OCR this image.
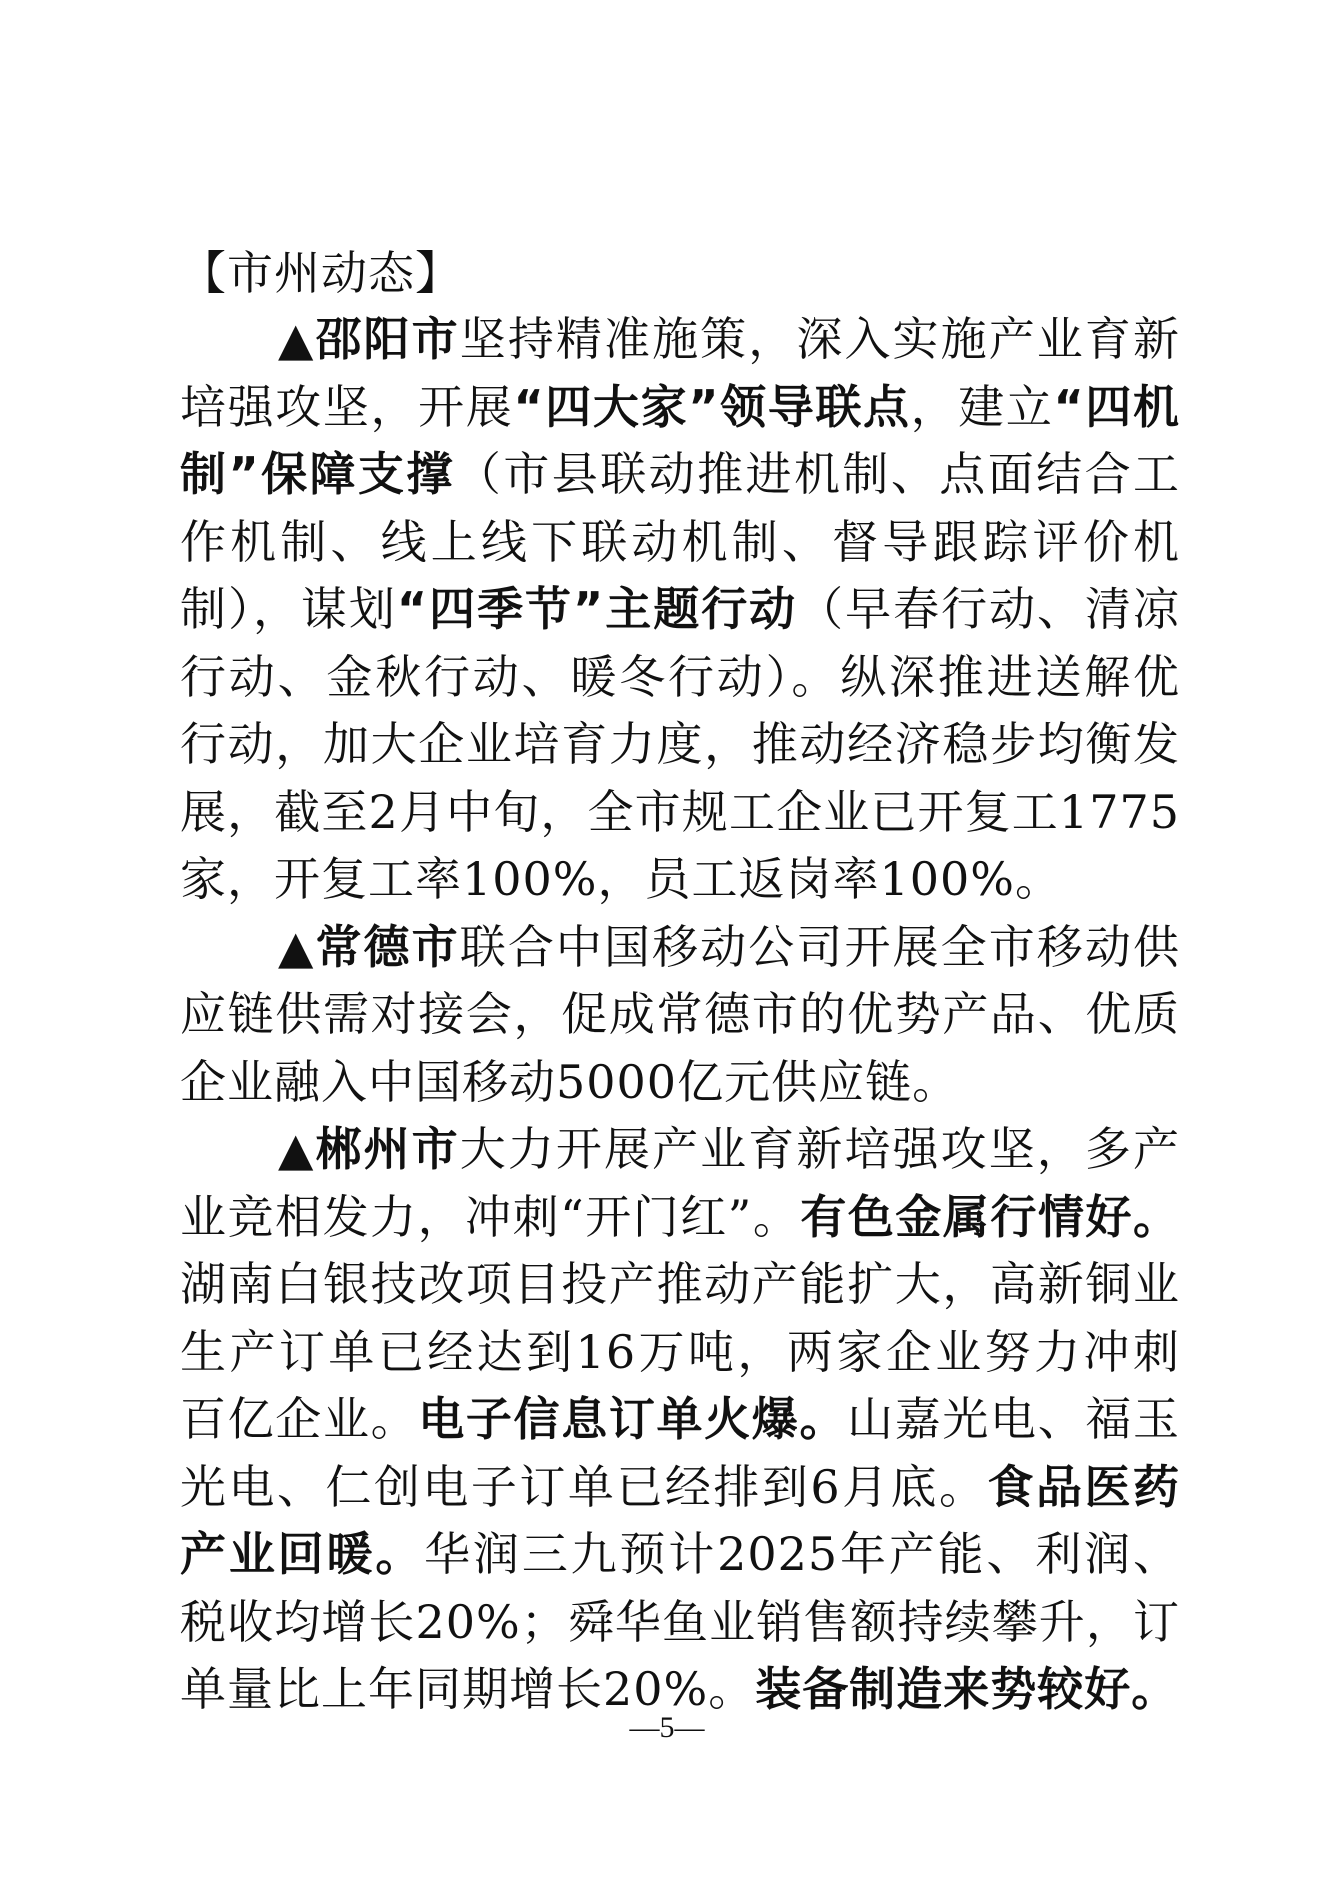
【市州动态】

▲邵阳市坚持精准施策，深入实施产业育新培强攻坚，开展“四大家”领导联点，建立“四机制”保障支撑（市县联动推进机制、点面结合工作机制、线上线下联动机制、督导跟踪评价机制），谋划“四季节”主题行动（早春行动、清凉行动、金秋行动、暖冬行动）。纵深推进送解优行动，加大企业培育力度，推动经济稳步均衡发展，截至2月中旬，全市规工企业已开复工1775家，开复工率100%，员工返岗率100%。

▲常德市联合中国移动公司开展全市移动供应链供需对接会，促成常德市的优势产品、优质企业融入中国移动5000亿元供应链。

▲郴州市大力开展产业育新培强攻坚，多产业竞相发力，冲刺“开门红”。有色金属行情好。湖南白银技改项目投产推动产能扩大，高新铜业生产订单已经达到16万吨，两家企业努力冲刺百亿企业。电子信息订单火爆。山嘉光电、福玉光电、仁创电子订单已经排到6月底。食品医药产业回暖。华润三九预计2025年产能、利润、税收均增长20%；舜华鱼业销售额持续攀升，订单量比上年同期增长20%。装备制造来势较好。

—5—
